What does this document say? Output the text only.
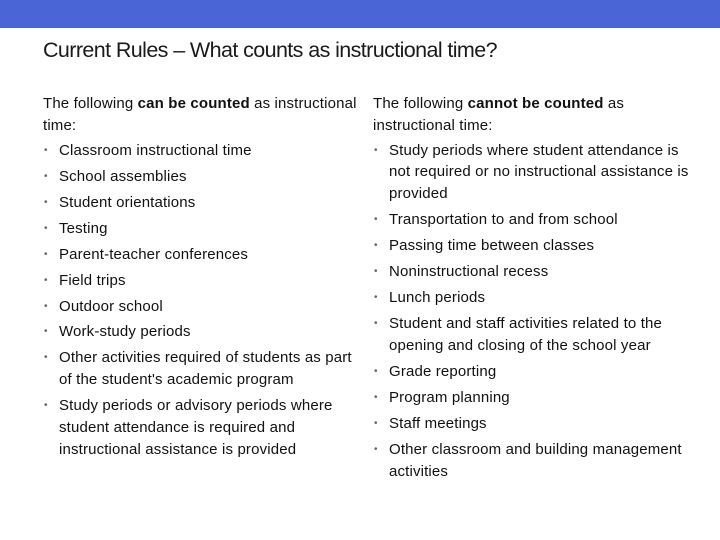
Current Rules – What counts as instructional time?

The following can be counted as instructional time:

• Classroom instructional time
• School assemblies
• Student orientations
• Testing
• Parent-teacher conferences
• Field trips
• Outdoor school
• Work-study periods
• Other activities required of students as part of the student's academic program
• Study periods or advisory periods where student attendance is required and instructional assistance is provided

The following cannot be counted as instructional time:

• Study periods where student attendance is not required or no instructional assistance is provided
• Transportation to and from school
• Passing time between classes
• Noninstructional recess
• Lunch periods
• Student and staff activities related to the opening and closing of the school year
• Grade reporting
• Program planning
• Staff meetings
• Other classroom and building management activities
